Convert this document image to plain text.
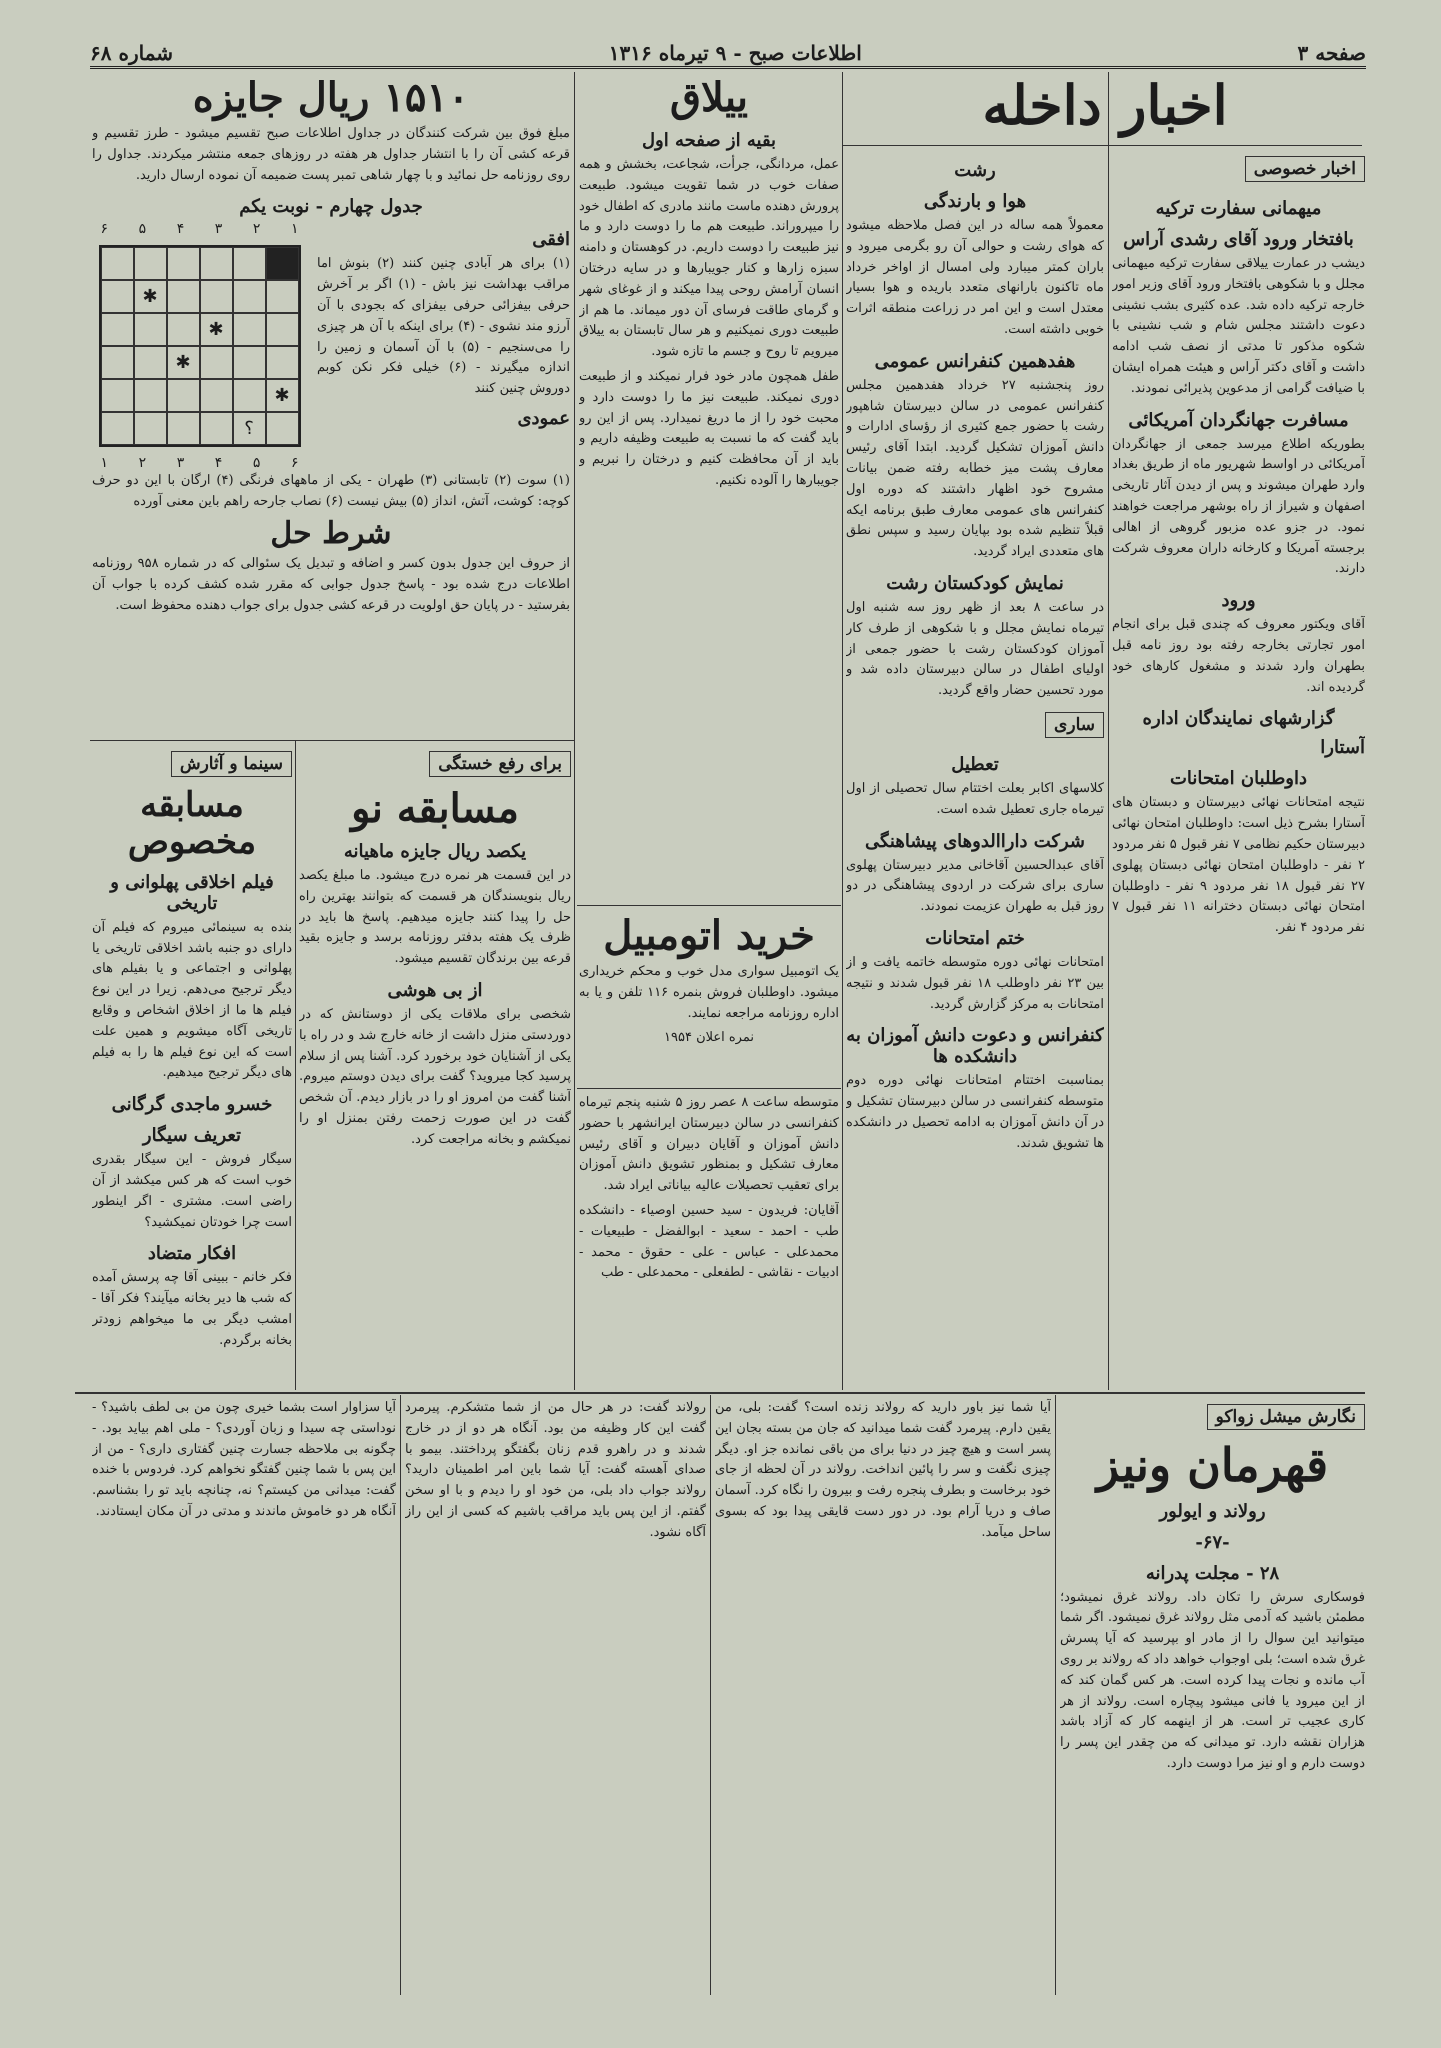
صفحه ۳
اطلاعات صبح - ۹ تیرماه ۱۳۱۶
شماره ۶۸
اخبار داخله
اخبار خصوصی
میهمانی سفارت ترکیه
بافتخار ورود آقای رشدی آراس

دیشب در عمارت ییلاقی سفارت ترکیه میهمانی مجلل و با شکوهی بافتخار ورود آقای وزیر امور خارجه ترکیه داده شد. عده کثیری بشب نشینی دعوت داشتند مجلس شام و شب نشینی با شکوه مذکور تا مدتی از نصف شب ادامه داشت و آقای دکتر آراس و هیئت همراه ایشان با ضیافت گرامی از مدعوین پذیرائی نمودند.

مسافرت جهانگردان آمریکائی

بطوریکه اطلاع میرسد جمعی از جهانگردان آمریکائی در اواسط شهریور ماه از طریق بغداد وارد طهران میشوند و پس از دیدن آثار تاریخی اصفهان و شیراز از راه بوشهر مراجعت خواهند نمود. در جزو عده مزبور گروهی از اهالی برجسته آمریکا و کارخانه داران معروف شرکت دارند.

ورود

آقای ویکتور معروف که چندی قبل برای انجام امور تجارتی بخارجه رفته بود روز نامه قبل بطهران وارد شدند و مشغول کارهای خود گردیده اند.

گزارشهای نمایندگان اداره
آستارا
داوطلبان امتحانات

نتیجه امتحانات نهائی دبیرستان و دبستان های آستارا بشرح ذیل است: داوطلبان امتحان نهائی دبیرستان حکیم نظامی ۷ نفر قبول ۵ نفر مردود ۲ نفر - داوطلبان امتحان نهائی دبستان پهلوی ۲۷ نفر قبول ۱۸ نفر مردود ۹ نفر - داوطلبان امتحان نهائی دبستان دخترانه ۱۱ نفر قبول ۷ نفر مردود ۴ نفر.

رشت
هوا و بارندگی

معمولاً همه ساله در این فصل ملاحظه میشود که هوای رشت و حوالی آن رو بگرمی میرود و باران کمتر میبارد ولی امسال از اواخر خرداد ماه تاکنون بارانهای متعدد باریده و هوا بسیار معتدل است و این امر در زراعت منطقه اثرات خوبی داشته است.

هفدهمین کنفرانس عمومی

روز پنجشنبه ۲۷ خرداد هفدهمین مجلس کنفرانس عمومی در سالن دبیرستان شاهپور رشت با حضور جمع کثیری از رؤسای ادارات و دانش آموزان تشکیل گردید. ابتدا آقای رئیس معارف پشت میز خطابه رفته ضمن بیانات مشروح خود اظهار داشتند که دوره اول کنفرانس های عمومی معارف طبق برنامه ایکه قبلاً تنظیم شده بود بپایان رسید و سپس نطق های متعددی ایراد گردید.

نمایش کودکستان رشت

در ساعت ۸ بعد از ظهر روز سه شنبه اول تیرماه نمایش مجلل و با شکوهی از طرف کار آموزان کودکستان رشت با حضور جمعی از اولیای اطفال در سالن دبیرستان داده شد و مورد تحسین حضار واقع گردید.

ساری
تعطیل

کلاسهای اکابر بعلت اختتام سال تحصیلی از اول تیرماه جاری تعطیل شده است.

شرکت داراالدوهای پیشاهنگی

آقای عبدالحسین آقاخانی مدیر دبیرستان پهلوی ساری برای شرکت در اردوی پیشاهنگی در دو روز قبل به طهران عزیمت نمودند.

ختم امتحانات

امتحانات نهائی دوره متوسطه خاتمه یافت و از بین ۲۳ نفر داوطلب ۱۸ نفر قبول شدند و نتیجه امتحانات به مرکز گزارش گردید.

کنفرانس و دعوت دانش آموزان به دانشکده ها

بمناسبت اختتام امتحانات نهائی دوره دوم متوسطه کنفرانسی در سالن دبیرستان تشکیل و در آن دانش آموزان به ادامه تحصیل در دانشکده ها تشویق شدند.

ییلاق
بقیه از صفحه اول

عمل، مردانگی، جرأت، شجاعت، بخشش و همه صفات خوب در شما تقویت میشود. طبیعت پرورش دهنده ماست مانند مادری که اطفال خود را میپروراند. طبیعت هم ما را دوست دارد و ما نیز طبیعت را دوست داریم. در کوهستان و دامنه سبزه زارها و کنار جویبارها و در سایه درختان انسان آرامش روحی پیدا میکند و از غوغای شهر و گرمای طاقت فرسای آن دور میماند. ما هم از طبیعت دوری نمیکنیم و هر سال تابستان به ییلاق میرویم تا روح و جسم ما تازه شود.

طفل همچون مادر خود فرار نمیکند و از طبیعت دوری نمیکند. طبیعت نیز ما را دوست دارد و محبت خود را از ما دریغ نمیدارد. پس از این رو باید گفت که ما نسبت به طبیعت وظیفه داریم و باید از آن محافظت کنیم و درختان را نبریم و جویبارها را آلوده نکنیم.

خرید اتومبیل

یک اتومبیل سواری مدل خوب و محکم خریداری میشود. داوطلبان فروش بنمره ۱۱۶ تلفن و یا به اداره روزنامه مراجعه نمایند.

نمره اعلان ۱۹۵۴

متوسطه ساعت ۸ عصر روز ۵ شنبه پنجم تیرماه کنفرانسی در سالن دبیرستان ایرانشهر با حضور دانش آموزان و آقایان دبیران و آقای رئیس معارف تشکیل و بمنظور تشویق دانش آموزان برای تعقیب تحصیلات عالیه بیاناتی ایراد شد.

آقایان: فریدون - سید حسین اوصیاء - دانشکده طب - احمد - سعید - ابوالفضل - طبیعیات - محمدعلی - عباس - علی - حقوق - محمد - ادبیات - نقاشی - لطفعلی - محمدعلی - طب

۱۵۱۰ ریال جایزه

مبلغ فوق بین شرکت کنندگان در جداول اطلاعات صبح تقسیم میشود - طرز تقسیم و قرعه کشی آن را با انتشار جداول هر هفته در روزهای جمعه منتشر میکردند. جداول را روی روزنامه حل نمائید و با چهار شاهی تمبر پست ضمیمه آن نموده ارسال دارید.

جدول چهارم - نوبت یکم
افقی

(۱) برای هر آبادی چنین کنند (۲) بنوش اما مراقب بهداشت نیز باش - (۱) اگر بر آخرش حرفی بیفزائی حرفی بیفزای که بجودی با آن آرزو مند نشوی - (۴) برای اینکه با آن هر چیزی را می‌سنجیم - (۵) با آن آسمان و زمین را اندازه میگیرند - (۶) خیلی فکر نکن کوبم دوروش چنین کنند

عمودی
۶ ۵ ۴ ۳ ۲ ۱
✱
✱
✱
✱
؟
۱ ۲ ۳ ۴ ۵ ۶

(۱) سوت (۲) تابستانی (۳) طهران - یکی از ماههای فرنگی (۴) ارگان با این دو حرف کوچه: کوشت، آتش، انداز (۵) بیش نیست (۶) نصاب جارحه راهم باین معنی آورده

شرط حل

از حروف این جدول بدون کسر و اضافه و تبدیل یک سئوالی که در شماره ۹۵۸ روزنامه اطلاعات درج شده بود - پاسخ جدول جوابی که مقرر شده کشف کرده با جواب آن بفرستید - در پایان حق اولویت در قرعه کشی جدول برای جواب دهنده محفوظ است.

برای رفع خستگی
مسابقه نو
یکصد ریال جایزه ماهیانه

در این قسمت هر نمره درج میشود. ما مبلغ یکصد ریال بنویسندگان هر قسمت که بتوانند بهترین راه حل را پیدا کنند جایزه میدهیم. پاسخ ها باید در ظرف یک هفته بدفتر روزنامه برسد و جایزه بقید قرعه بین برندگان تقسیم میشود.

از بی هوشی

شخصی برای ملاقات یکی از دوستانش که در دوردستی منزل داشت از خانه خارج شد و در راه با یکی از آشنایان خود برخورد کرد. آشنا پس از سلام پرسید کجا میروید؟ گفت برای دیدن دوستم میروم. آشنا گفت من امروز او را در بازار دیدم. آن شخص گفت در این صورت زحمت رفتن بمنزل او را نمیکشم و بخانه مراجعت کرد.

سینما و آثارش
مسابقه مخصوص
فیلم اخلاقی پهلوانی و تاریخی

بنده به سینمائی میروم که فیلم آن دارای دو جنبه باشد اخلاقی تاریخی یا پهلوانی و اجتماعی و یا بفیلم های دیگر ترجیح می‌دهم. زیرا در این نوع فیلم ها ما از اخلاق اشخاص و وقایع تاریخی آگاه میشویم و همین علت است که این نوع فیلم ها را به فیلم های دیگر ترجیح میدهیم.

خسرو ماجدی گرگانی
تعریف سیگار

سیگار فروش - این سیگار بقدری خوب است که هر کس میکشد از آن راضی است. مشتری - اگر اینطور است چرا خودتان نمیکشید؟

افکار متضاد

فکر خانم - ببینی آقا چه پرسش آمده که شب ها دیر بخانه میآیند؟ فکر آقا - امشب دیگر بی ما میخواهم زودتر بخانه برگردم.

نگارش میشل زواکو
قهرمان ونیز
رولاند و ایولور
-۶۷-
۲۸ - مجلت پدرانه

فوسکاری سرش را تکان داد. رولاند غرق نمیشود؛ مطمئن باشید که آدمی مثل رولاند غرق نمیشود. اگر شما میتوانید این سوال را از مادر او بپرسید که آیا پسرش غرق شده است؛ بلی اوجواب خواهد داد که رولاند بر روی آب مانده و نجات پیدا کرده است. هر کس گمان کند که از این میرود یا فانی میشود پیچاره است. رولاند از هر کاری عجیب تر است. هر از اینهمه کار که آزاد باشد هزاران نقشه دارد. تو میدانی که من چقدر این پسر را دوست دارم و او نیز مرا دوست دارد.

آیا شما نیز باور دارید که رولاند زنده است؟ گفت: بلی، من یقین دارم. پیرمرد گفت شما میدانید که جان من بسته بجان این پسر است و هیچ چیز در دنیا برای من باقی نمانده جز او. دیگر چیزی نگفت و سر را پائین انداخت. رولاند در آن لحظه از جای خود برخاست و بطرف پنجره رفت و بیرون را نگاه کرد. آسمان صاف و دریا آرام بود. در دور دست قایقی پیدا بود که بسوی ساحل میآمد.

رولاند گفت: در هر حال من از شما متشکرم. پیرمرد گفت این کار وظیفه من بود. آنگاه هر دو از در خارج شدند و در راهرو قدم زنان بگفتگو پرداختند. بیمو با صدای آهسته گفت: آیا شما باین امر اطمینان دارید؟ رولاند جواب داد بلی، من خود او را دیدم و با او سخن گفتم. از این پس باید مراقب باشیم که کسی از این راز آگاه نشود.

آیا سزاوار است بشما خیری چون من بی لطف باشید؟ - نوداستی چه سیدا و زبان آوردی؟ - ملی اهم بیاید بود. - چگونه بی ملاحظه جسارت چنین گفتاری داری؟ - من از این پس با شما چنین گفتگو نخواهم کرد. فردوس با خنده گفت: میدانی من کیستم؟ نه، چنانچه باید تو را بشناسم. آنگاه هر دو خاموش ماندند و مدتی در آن مکان ایستادند.
